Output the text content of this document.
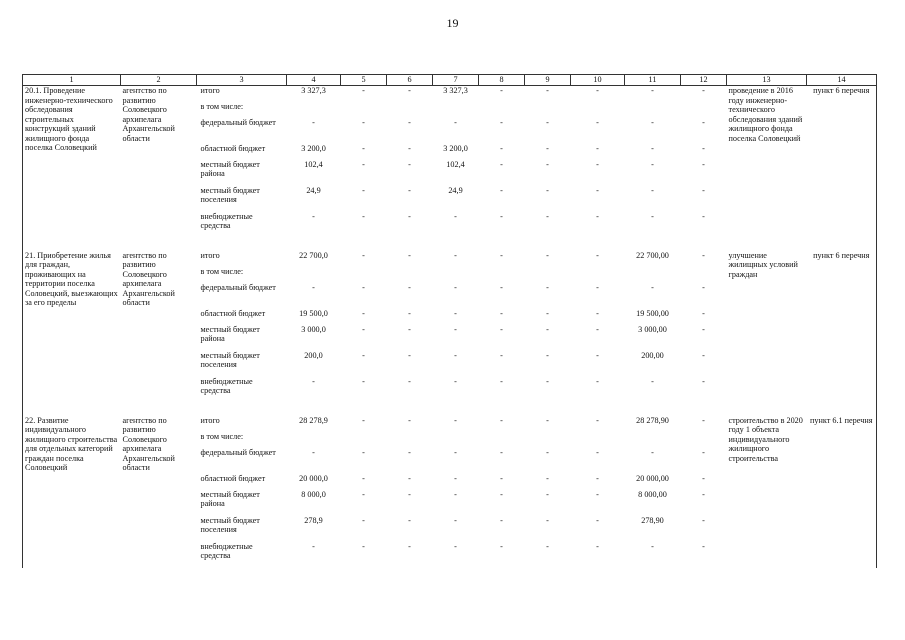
19
1	2	3	4	5	6	7	8	9	10	11	12	13	14
20.1. Проведение инженерно-технического обследования строительных конструкций зданий жилищного фонда поселка Соловецкий	агентство по развитию Соловецкого архипелага Архангельской области	итого	3 327,3	-	-	3 327,3	-	-	-	-	-	проведение в 2016 году инженерно-технического обследования зданий жилищного фонда поселка Соловецкий	пункт 6 перечня
		в том числе:											
		федеральный бюджет	-	-	-	-	-	-	-	-	-		
		областной бюджет	3 200,0	-	-	3 200,0	-	-	-	-	-		
		местный бюджет района	102,4	-	-	102,4	-	-	-	-	-		
		местный бюджет поселения	24,9	-	-	24,9	-	-	-	-	-		
		внебюджетные средства	-	-	-	-	-	-	-	-	-		

21. Приобретение жилья для граждан, проживающих на территории поселка Соловецкий, выезжающих за его пределы	агентство по развитию Соловецкого архипелага Архангельской области	итого	22 700,0	-	-	-	-	-	-	22 700,00	-	улучшение жилищных условий граждан	пункт 6 перечня
		в том числе:											
		федеральный бюджет	-	-	-	-	-	-	-	-	-		
		областной бюджет	19 500,0	-	-	-	-	-	-	19 500,00	-		
		местный бюджет района	3 000,0	-	-	-	-	-	-	3 000,00	-		
		местный бюджет поселения	200,0	-	-	-	-	-	-	200,00	-		
		внебюджетные средства	-	-	-	-	-	-	-	-	-		

22. Развитие индивидуального жилищного строительства для отдельных категорий граждан поселка Соловецкий	агентство по развитию Соловецкого архипелага Архангельской области	итого	28 278,9	-	-	-	-	-	-	28 278,90	-	строительство в 2020 году 1 объекта индивидуального жилищного строительства	пункт 6.1 перечня
		в том числе:											
		федеральный бюджет	-	-	-	-	-	-	-	-	-		
		областной бюджет	20 000,0	-	-	-	-	-	-	20 000,00	-		
		местный бюджет района	8 000,0	-	-	-	-	-	-	8 000,00	-		
		местный бюджет поселения	278,9	-	-	-	-	-	-	278,90	-		
		внебюджетные средства	-	-	-	-	-	-	-	-	-		
